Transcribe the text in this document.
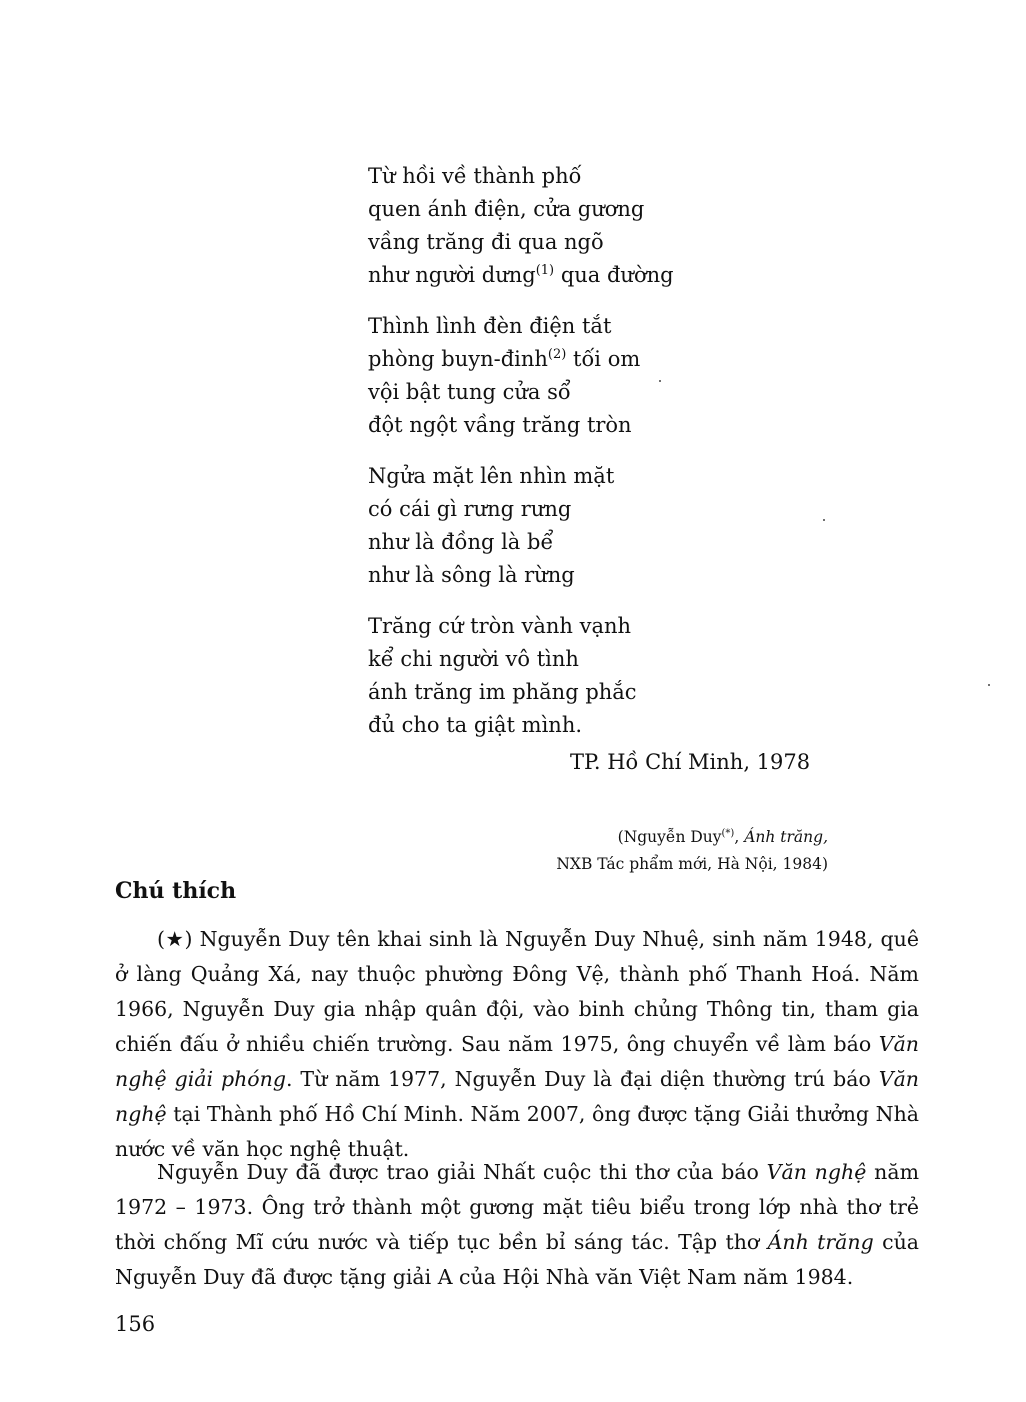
Từ hồi về thành phố
quen ánh điện, cửa gương
vầng trăng đi qua ngõ
như người dưng$^{(1)}$ qua đường
Thình lình đèn điện tắt
phòng buyn-đinh$^{(2)}$ tối om
vội bật tung cửa sổ
đột ngột vầng trăng tròn
Ngửa mặt lên nhìn mặt
có cái gì rưng rưng
như là đồng là bể
như là sông là rừng
Trăng cứ tròn vành vạnh
kể chi người vô tình
ánh trăng im phăng phắc
đủ cho ta giật mình.
TP. Hồ Chí Minh, 1978
(Nguyễn Duy(*), Ánh trăng,
NXB Tác phẩm mới, Hà Nội, 1984)
Chú thích
(★) Nguyễn Duy tên khai sinh là Nguyễn Duy Nhuệ, sinh năm 1948, quê ở làng Quảng Xá, nay thuộc phường Đông Vệ, thành phố Thanh Hoá. Năm 1966, Nguyễn Duy gia nhập quân đội, vào binh chủng Thông tin, tham gia chiến đấu ở nhiều chiến trường. Sau năm 1975, ông chuyển về làm báo Văn nghệ giải phóng. Từ năm 1977, Nguyễn Duy là đại diện thường trú báo Văn nghệ tại Thành phố Hồ Chí Minh. Năm 2007, ông được tặng Giải thưởng Nhà nước về văn học nghệ thuật.
Nguyễn Duy đã được trao giải Nhất cuộc thi thơ của báo Văn nghệ năm 1972 – 1973. Ông trở thành một gương mặt tiêu biểu trong lớp nhà thơ trẻ thời chống Mĩ cứu nước và tiếp tục bền bỉ sáng tác. Tập thơ Ánh trăng của Nguyễn Duy đã được tặng giải A của Hội Nhà văn Việt Nam năm 1984.
156
